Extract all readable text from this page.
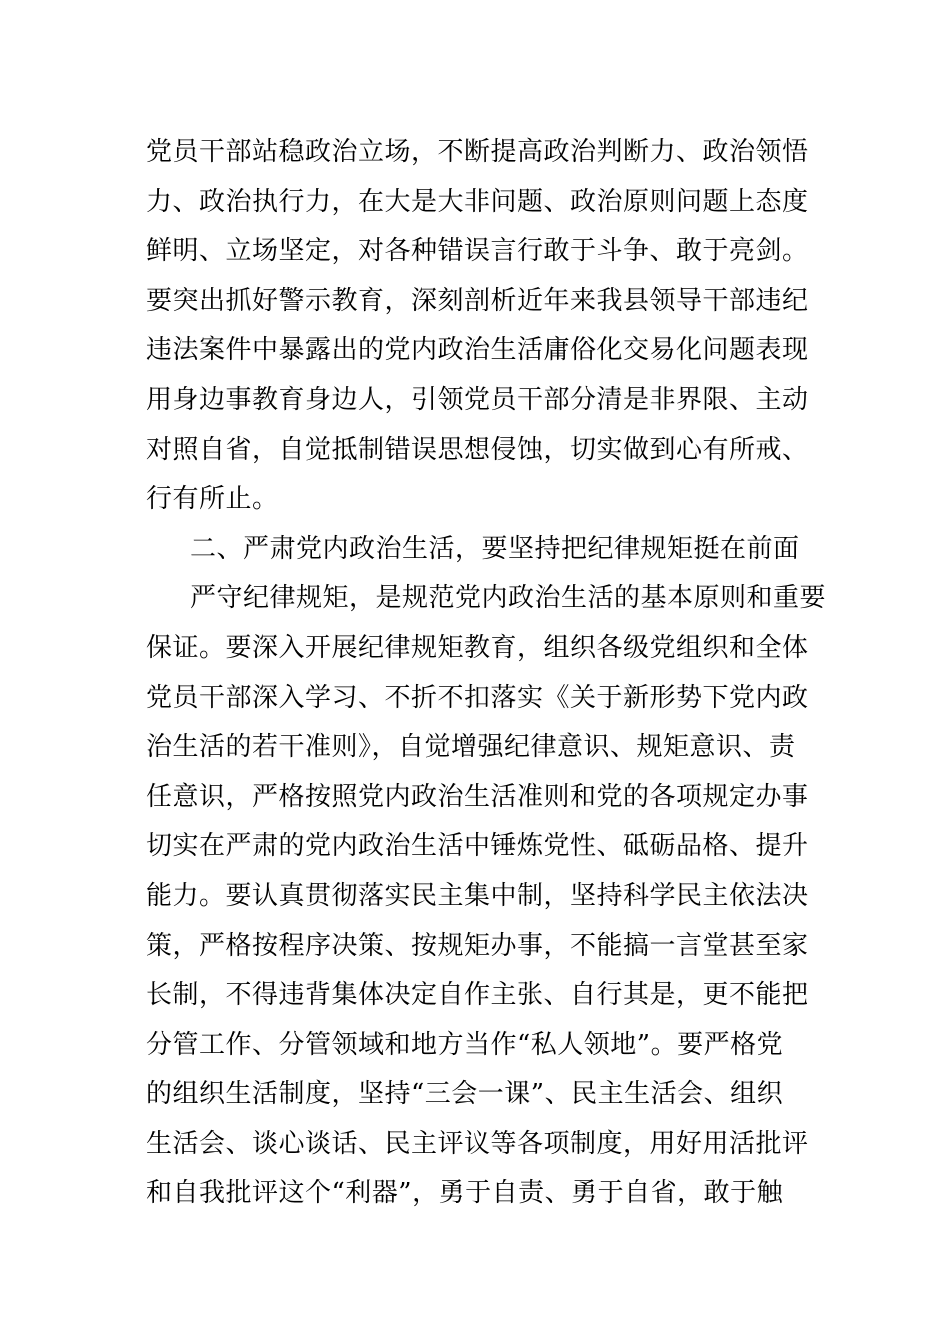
党员干部站稳政治立场，不断提高政治判断力、政治领悟
力、政治执行力，在大是大非问题、政治原则问题上态度
鲜明、立场坚定，对各种错误言行敢于斗争、敢于亮剑。
要突出抓好警示教育，深刻剖析近年来我县领导干部违纪
违法案件中暴露出的党内政治生活庸俗化交易化问题表现
用身边事教育身边人，引领党员干部分清是非界限、主动
对照自省，自觉抵制错误思想侵蚀，切实做到心有所戒、
行有所止。
二、严肃党内政治生活，要坚持把纪律规矩挺在前面
严守纪律规矩，是规范党内政治生活的基本原则和重要
保证。要深入开展纪律规矩教育，组织各级党组织和全体
党员干部深入学习、不折不扣落实《关于新形势下党内政
治生活的若干准则》，自觉增强纪律意识、规矩意识、责
任意识，严格按照党内政治生活准则和党的各项规定办事
切实在严肃的党内政治生活中锤炼党性、砥砺品格、提升
能力。要认真贯彻落实民主集中制，坚持科学民主依法决
策，严格按程序决策、按规矩办事，不能搞一言堂甚至家
长制，不得违背集体决定自作主张、自行其是，更不能把
分管工作、分管领域和地方当作“私人领地”。要严格党
的组织生活制度，坚持“三会一课”、民主生活会、组织
生活会、谈心谈话、民主评议等各项制度，用好用活批评
和自我批评这个“利器”，勇于自责、勇于自省，敢于触
